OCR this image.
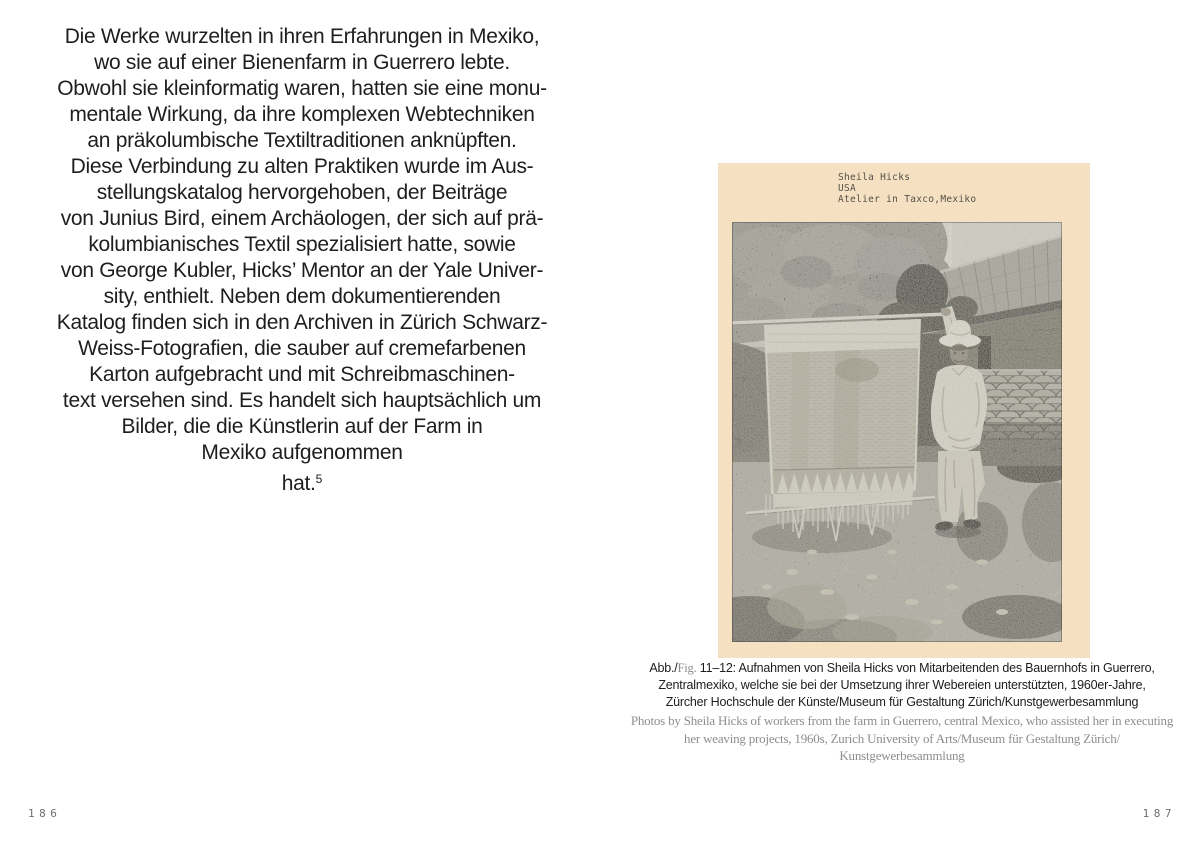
Die Werke wurzelten in ihren Erfahrungen in Mexiko,
wo sie auf einer Bienenfarm in Guerrero lebte.
Obwohl sie kleinformatig waren, hatten sie eine monu-
mentale Wirkung, da ihre komplexen Webtechniken
an präkolumbische Textiltraditionen anknüpften.
Diese Verbindung zu alten Praktiken wurde im Aus-
stellungskatalog hervorgehoben, der Beiträge
von Junius Bird, einem Archäologen, der sich auf prä-
kolumbianisches Textil spezialisiert hatte, sowie
von George Kubler, Hicks’ Mentor an der Yale Univer-
sity, enthielt. Neben dem dokumentierenden
Katalog finden sich in den Archiven in Zürich Schwarz-
Weiss-Fotografien, die sauber auf cremefarbenen
Karton aufgebracht und mit Schreibmaschinen-
text versehen sind. Es handelt sich hauptsächlich um
Bilder, die die Künstlerin auf der Farm in
Mexiko aufgenommen
hat.$^5$
186
Sheila Hicks
USA
Atelier in Taxco,Mexiko
Abb./Fig. 11–12: Aufnahmen von Sheila Hicks von Mitarbeitenden des Bauernhofs in Guerrero,
Zentralmexiko, welche sie bei der Umsetzung ihrer Webereien unterstützten, 1960er-Jahre,
Zürcher Hochschule der Künste/Museum für Gestaltung Zürich/Kunstgewerbesammlung
Photos by Sheila Hicks of workers from the farm in Guerrero, central Mexico, who assisted her in executing
her weaving projects, 1960s, Zurich University of Arts/Museum für Gestaltung Zürich/
Kunstgewerbesammlung
187
